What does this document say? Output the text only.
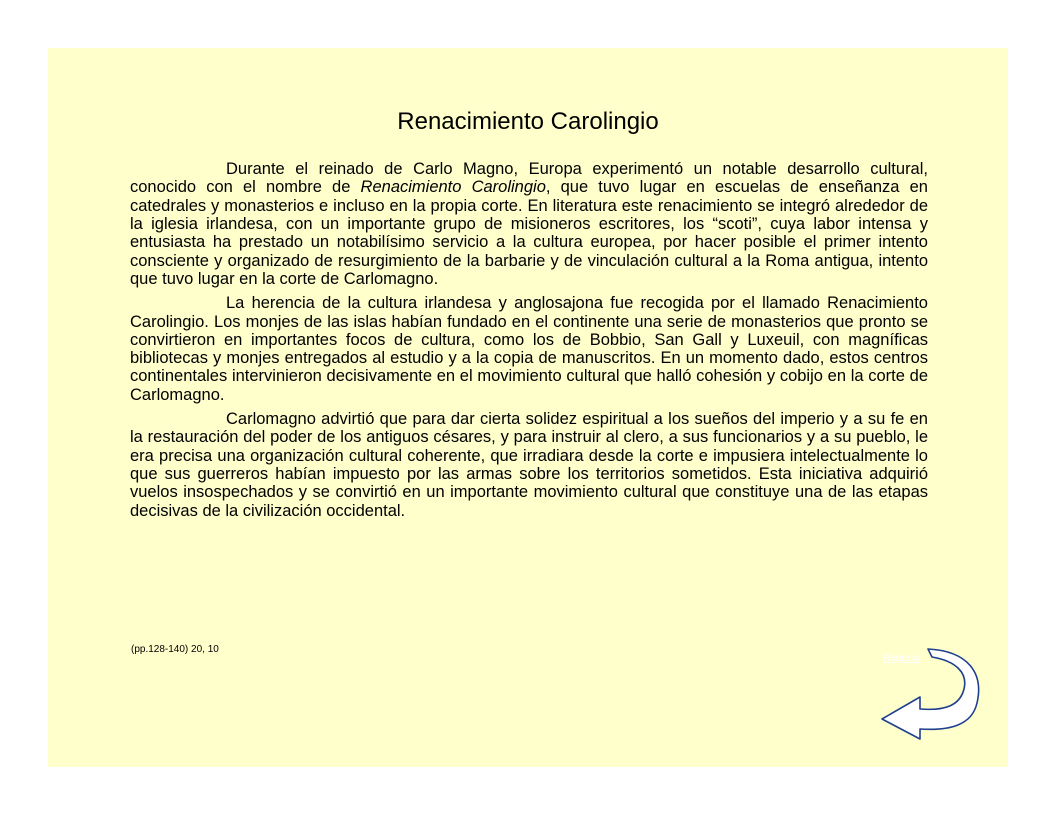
Renacimiento Carolingio

Durante el reinado de Carlo Magno, Europa experimentó un notable desarrollo cultural, conocido con el nombre de Renacimiento Carolingio, que tuvo lugar en escuelas de enseñanza en catedrales y monasterios e incluso en la propia corte. En literatura este renacimiento se integró alrededor de la iglesia irlandesa, con un importante grupo de misioneros escritores, los “scoti”, cuya labor intensa y entusiasta ha prestado un notabilísimo servicio a la cultura europea, por hacer posible el primer intento consciente y organizado de resurgimiento de la barbarie y de vinculación cultural a la Roma antigua, intento que tuvo lugar en la corte de Carlomagno.

La herencia de la cultura irlandesa y anglosajona fue recogida por el llamado Renacimiento Carolingio. Los monjes de las islas habían fundado en el continente una serie de monasterios que pronto se convirtieron en importantes focos de cultura, como los de Bobbio, San Gall y Luxeuil, con magníficas bibliotecas y monjes entregados al estudio y a la copia de manuscritos. En un momento dado, estos centros continentales intervinieron decisivamente en el movimiento cultural que halló cohesión y cobijo en la corte de Carlomagno.

Carlomagno advirtió que para dar cierta solidez espiritual a los sueños del imperio y a su fe en la restauración del poder de los antiguos césares, y para instruir al clero, a sus funcionarios y a su pueblo, le era precisa una organización cultural coherente, que irradiara desde la corte e impusiera intelectualmente lo que sus guerreros habían impuesto por las armas sobre los territorios sometidos. Esta iniciativa adquirió vuelos insospechados y se convirtió en un importante movimiento cultural que constituye una de las etapas decisivas de la civilización occidental.

(pp.128-140) 20, 10
Regreso
